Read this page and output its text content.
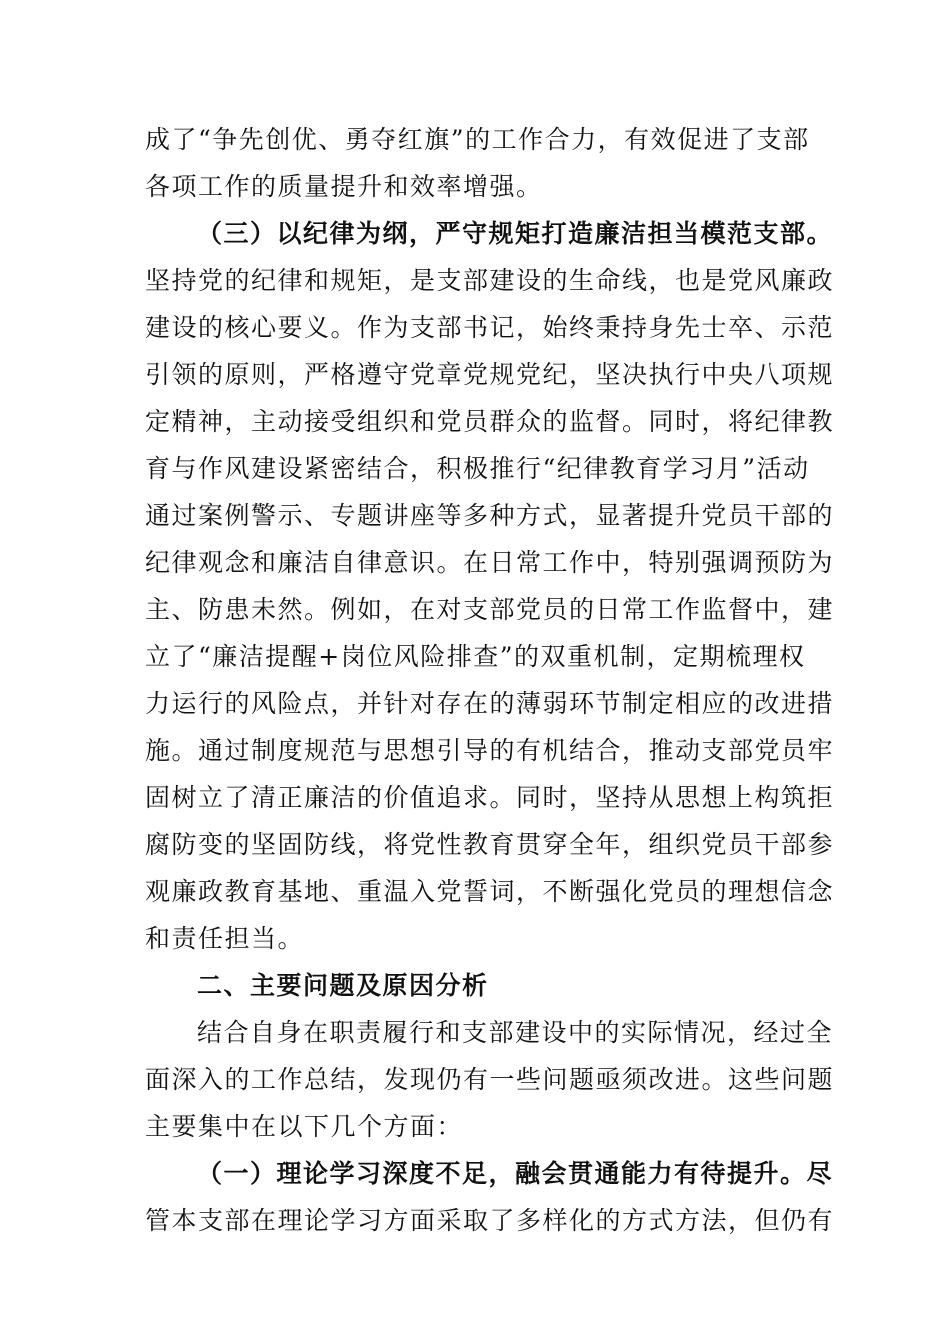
成了“争先创优、勇夺红旗”的工作合力，有效促进了支部
各项工作的质量提升和效率增强。
（三）以纪律为纲，严守规矩打造廉洁担当模范支部。
坚持党的纪律和规矩，是支部建设的生命线，也是党风廉政
建设的核心要义。作为支部书记，始终秉持身先士卒、示范
引领的原则，严格遵守党章党规党纪，坚决执行中央八项规
定精神，主动接受组织和党员群众的监督。同时，将纪律教
育与作风建设紧密结合，积极推行“纪律教育学习月”活动
通过案例警示、专题讲座等多种方式，显著提升党员干部的
纪律观念和廉洁自律意识。在日常工作中，特别强调预防为
主、防患未然。例如，在对支部党员的日常工作监督中，建
立了“廉洁提醒+岗位风险排查”的双重机制，定期梳理权
力运行的风险点，并针对存在的薄弱环节制定相应的改进措
施。通过制度规范与思想引导的有机结合，推动支部党员牢
固树立了清正廉洁的价值追求。同时，坚持从思想上构筑拒
腐防变的坚固防线，将党性教育贯穿全年，组织党员干部参
观廉政教育基地、重温入党誓词，不断强化党员的理想信念
和责任担当。
二、主要问题及原因分析
结合自身在职责履行和支部建设中的实际情况，经过全
面深入的工作总结，发现仍有一些问题亟须改进。这些问题
主要集中在以下几个方面：
（一）理论学习深度不足，融会贯通能力有待提升。尽
管本支部在理论学习方面采取了多样化的方式方法，但仍有
